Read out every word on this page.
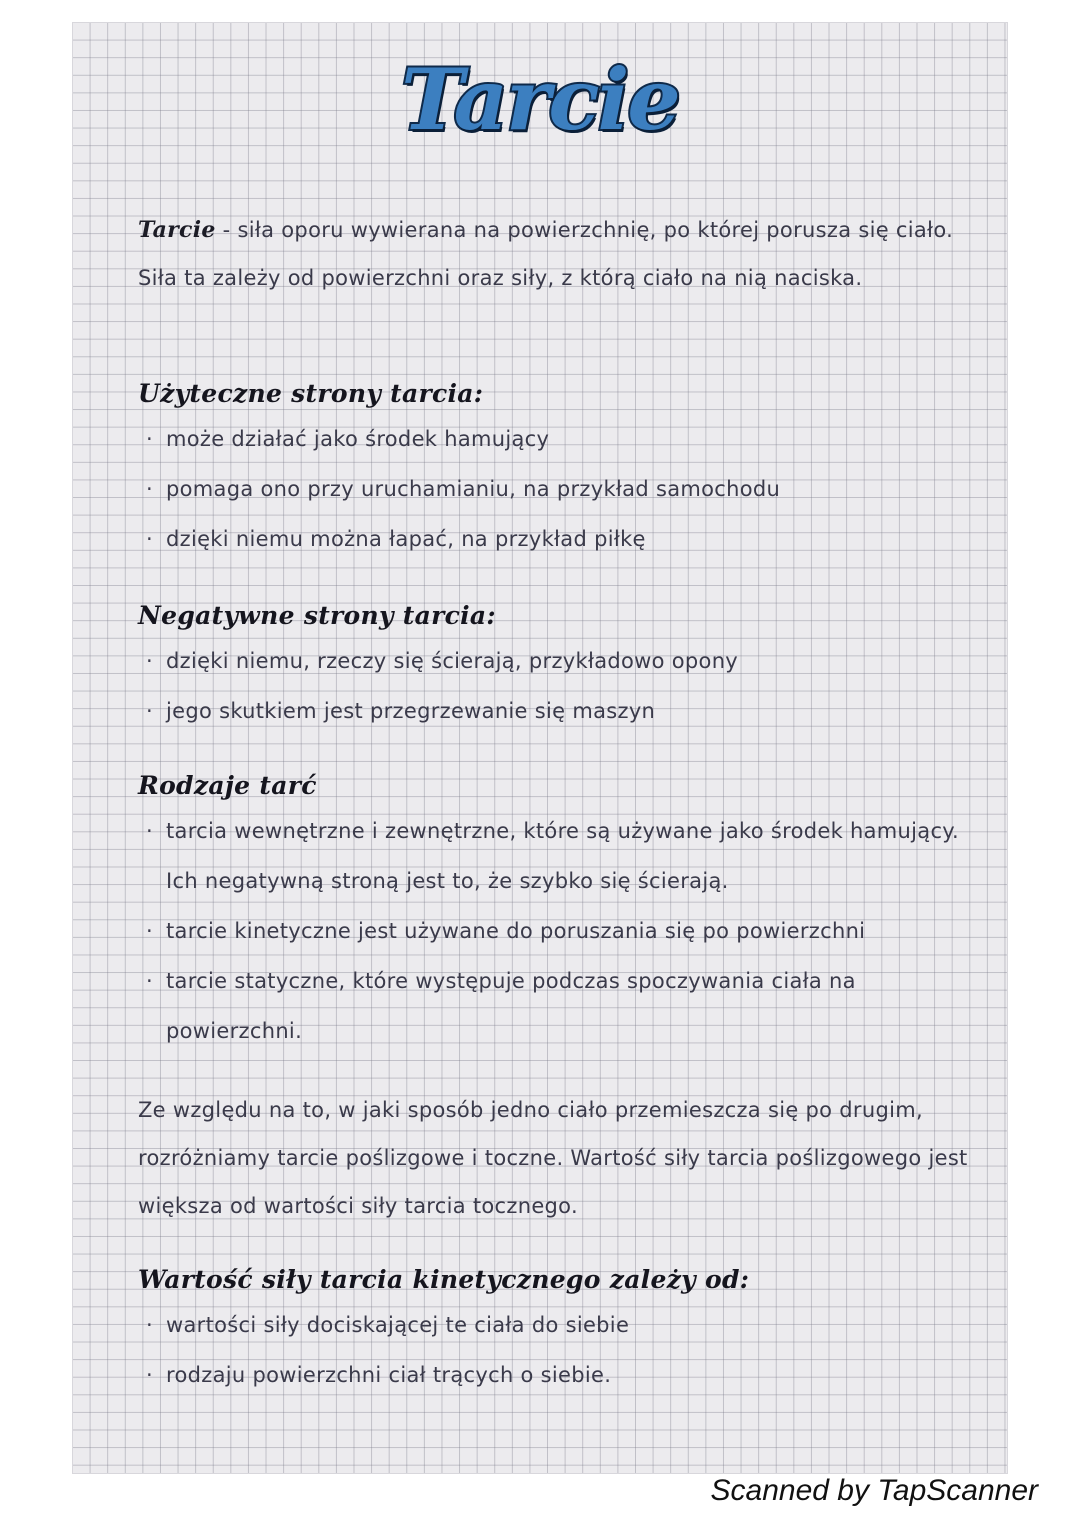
Tarcie

Tarcie - siła oporu wywierana na powierzchnię, po której porusza się ciało. Siła ta zależy od powierzchni oraz siły, z którą ciało na nią naciska.

Użyteczne strony tarcia:

· może działać jako środek hamujący
· pomaga ono przy uruchamianiu, na przykład samochodu
· dzięki niemu można łapać, na przykład piłkę

Negatywne strony tarcia:

· dzięki niemu, rzeczy się ścierają, przykładowo opony
· jego skutkiem jest przegrzewanie się maszyn

Rodzaje tarć

· tarcia wewnętrzne i zewnętrzne, które są używane jako środek hamujący. Ich negatywną stroną jest to, że szybko się ścierają.
· tarcie kinetyczne jest używane do poruszania się po powierzchni
· tarcie statyczne, które występuje podczas spoczywania ciała na powierzchni.

Ze względu na to, w jaki sposób jedno ciało przemieszcza się po drugim, rozróżniamy tarcie poślizgowe i toczne. Wartość siły tarcia poślizgowego jest większa od wartości siły tarcia tocznego.

Wartość siły tarcia kinetycznego zależy od:

· wartości siły dociskającej te ciała do siebie
· rodzaju powierzchni ciał trących o siebie.
Scanned by TapScanner
